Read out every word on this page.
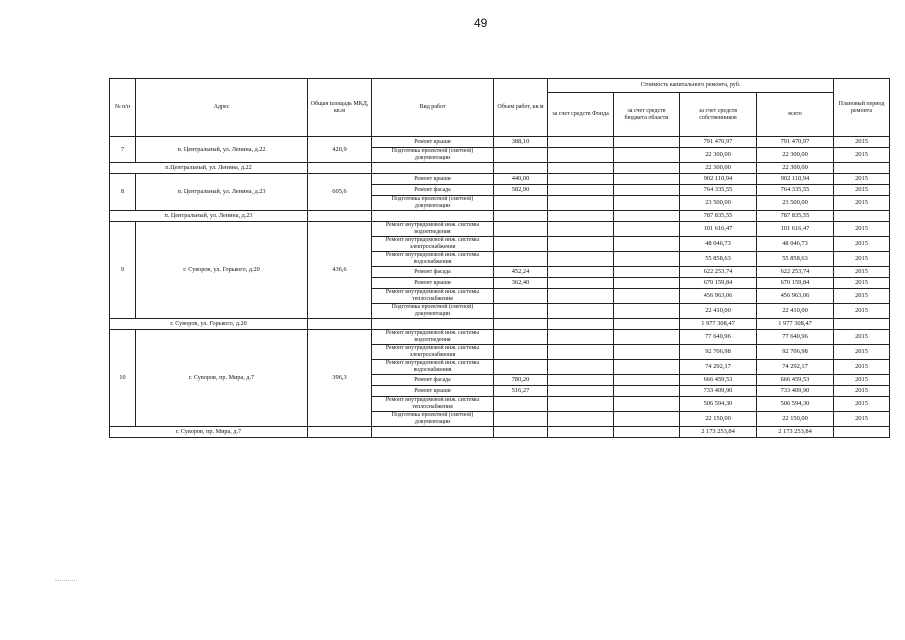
49
№ п/п	Адрес	Общая площадь МКД, кв.м	Вид работ	Объем работ, кв.м	Стоимость капитального ремонта, руб.				Плановый период ремонта
					за счет средств Фонда	за счет средств бюджета области	за счет средств собственников	всего	
7	п. Центральный, ул. Ленина, д.22	420,9	Ремонт крыши	388,10			791 470,97	791 470,97	2015
			Подготовка проектной (сметной) документации				22 300,00	22 300,00	2015
п.Центральный, ул. Ленина, д.22							22 300,00	22 300,00	
8	п. Центральный, ул. Ленина, д.23	605,6	Ремонт крыши	440,00			902 110,94	902 110,94	2015
			Ремонт фасада	582,90			764 335,55	764 335,55	2015
			Подготовка проектной (сметной) документации				23 500,00	23 500,00	2015
п. Центральный, ул. Ленина, д.23							787 835,55	787 835,55	
9	г. Суворов, ул. Горького, д.20	436,6	Ремонт внутридомовой инж. системы водоотведения				101 616,47	101 616,47	2015
			Ремонт внутридомовой инж. системы электроснабжения				48 046,73	48 046,73	2015
			Ремонт внутридомовой инж. системы водоснабжения				55 858,63	55 858,63	2015
			Ремонт фасада	452,24			622 253,74	622 253,74	2015
			Ремонт крыши	362,40			670 159,84	670 159,84	2015
			Ремонт внутридомовой инж. системы теплоснабжения				456 963,06	456 963,06	2015
			Подготовка проектной (сметной) документации				22 410,00	22 410,00	2015
г. Суворов, ул. Горького, д.20							1 977 308,47	1 977 308,47	
10	г. Суворов, пр. Мира, д.7	396,3	Ремонт внутридомовой инж. системы водоотведения				77 640,96	77 640,96	2015
			Ремонт внутридомовой инж. системы электроснабжения				92 706,98	92 706,98	2015
			Ремонт внутридомовой инж. системы водоснабжения				74 292,17	74 292,17	2015
			Ремонт фасада	780,20			666 459,53	666 459,53	2015
			Ремонт крыши	516,27			733 409,90	733 409,90	2015
			Ремонт внутридомовой инж. системы теплоснабжения				506 594,30	506 594,30	2015
			Подготовка проектной (сметной) документации				22 150,00	22 150,00	2015
г. Суворов, пр. Мира, д.7							2 173 253,84	2 173 253,84	
